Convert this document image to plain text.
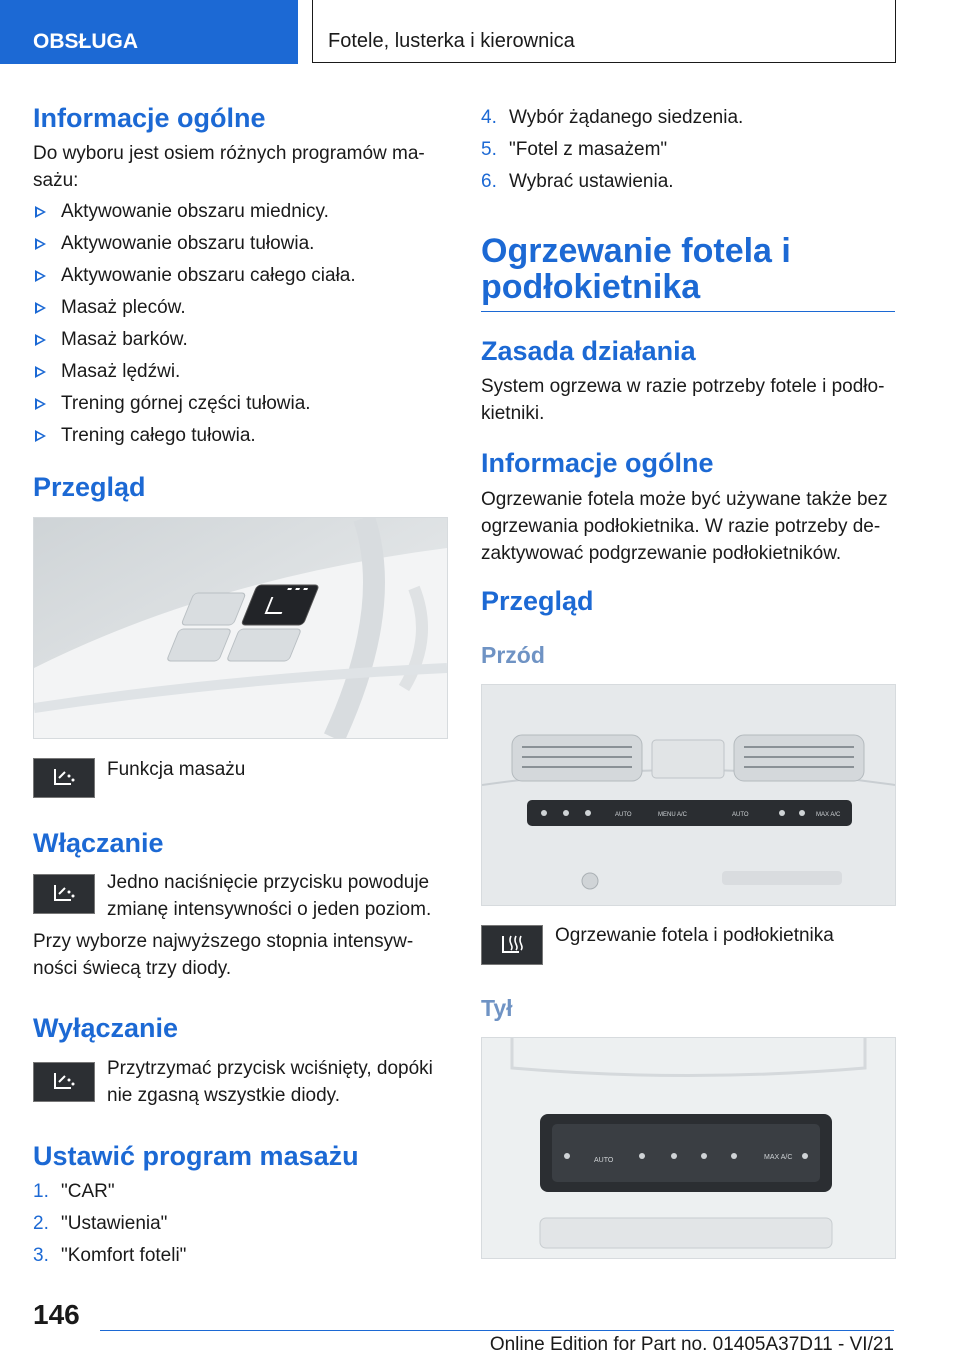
OBSŁUGA	Fotele, lusterka i kierownica
Informacje ogólne

Do wyboru jest osiem różnych programów ma-

sażu:

Aktywowanie obszaru miednicy.
Aktywowanie obszaru tułowia.
Aktywowanie obszaru całego ciała.
Masaż pleców.
Masaż barków.
Masaż lędźwi.
Trening górnej części tułowia.
Trening całego tułowia.
Przegląd

Funkcja masażu

Włączanie

Jedno naciśnięcie przycisku powoduje

zmianę intensywności o jeden poziom.

Przy wyborze najwyższego stopnia intensyw-

ności świecą trzy diody.

Wyłączanie

Przytrzymać przycisk wciśnięty, dopóki

nie zgasną wszystkie diody.

Ustawić program masażu
1. "CAR"
2. "Ustawienia"
3. "Komfort foteli"
4. Wybór żądanego siedzenia.
5. "Fotel z masażem"
6. Wybrać ustawienia.
Ogrzewanie fotela i
podłokietnika
Zasada działania

System ogrzewa w razie potrzeby fotele i podło-

kietniki.

Informacje ogólne

Ogrzewanie fotela może być używane także bez

ogrzewania podłokietnika. W razie potrzeby de-

zaktywować podgrzewanie podłokietników.

Przegląd
Przód
AUTO	MENU A/C	AUTO	MAX A/C

Ogrzewanie fotela i podłokietnika

Tył
AUTO	MAX A/C
146
Online Edition for Part no. 01405A37D11 - VI/21
